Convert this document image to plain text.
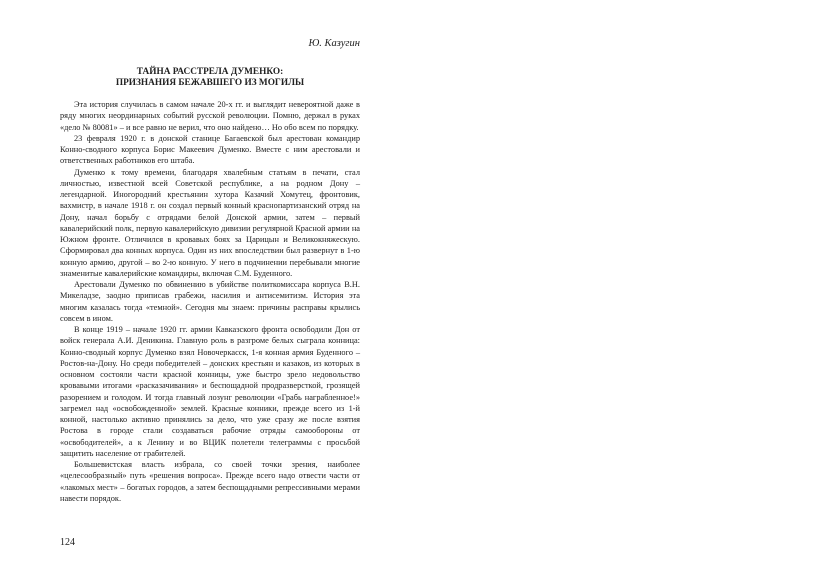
Ю. Казугин
ТАЙНА РАССТРЕЛА ДУМЕНКО:
ПРИЗНАНИЯ БЕЖАВШЕГО ИЗ МОГИЛЫ

Эта история случилась в самом начале 20-х гг. и выглядит невероятной даже в ряду многих неординарных событий русской революции. Помню, держал в руках «дело № 80081» – и все равно не верил, что оно найдено… Но обо всем по порядку.

23 февраля 1920 г. в донской станице Багаевской был арестован командир Конно-сводного корпуса Борис Макеевич Думенко. Вместе с ним арестовали и ответственных работников его штаба.

Думенко к тому времени, благодаря хвалебным статьям в печати, стал личностью, известной всей Советской республике, а на родном Дону – легендарной. Иногородний крестьянин хутора Казачий Хомутец, фронтовик, вахмистр, в начале 1918 г. он создал первый конный краснопартизанский отряд на Дону, начал борьбу с отрядами белой Донской армии, затем – первый кавалерийский полк, первую кавалерийскую дивизии регулярной Красной армии на Южном фронте. Отличился в кровавых боях за Царицын и Великокняжескую. Сформировал два конных корпуса. Один из них впоследствии был развернут в 1-ю конную армию, другой – во 2-ю конную. У него в подчинении перебывали многие знаменитые кавалерийские командиры, включая С.М. Буденного.

Арестовали Думенко по обвинению в убийстве политкомиссара корпуса В.Н. Микеладзе, заодно приписав грабежи, насилия и антисемитизм. История эта многим казалась тогда «темной». Сегодня мы знаем: причины расправы крылись совсем в ином.

В конце 1919 – начале 1920 гг. армии Кавказского фронта освободили Дон от войск генерала А.И. Деникина. Главную роль в разгроме белых сыграла конница: Конно-сводный корпус Думенко взял Новочеркасск, 1-я конная армия Буденного – Ростов-на-Дону. Но среди победителей – донских крестьян и казаков, из которых в основном состояли части красной конницы, уже быстро зрело недовольство кровавыми итогами «расказачивания» и беспощадной продразверсткой, грозящей разорением и голодом. И тогда главный лозунг революции «Грабь награбленное!» загремел над «освобожденной» землей. Красные конники, прежде всего из 1-й конной, настолько активно принялись за дело, что уже сразу же после взятия Ростова в городе стали создаваться рабочие отряды самообороны от «освободителей», а к Ленину и во ВЦИК полетели телеграммы с просьбой защитить население от грабителей.

Большевистская власть избрала, со своей точки зрения, наиболее «целесообразный» путь «решения вопроса». Прежде всего надо отвести части от «лакомых мест» – богатых городов, а затем беспощадными репрессивными мерами навести порядок.

124
